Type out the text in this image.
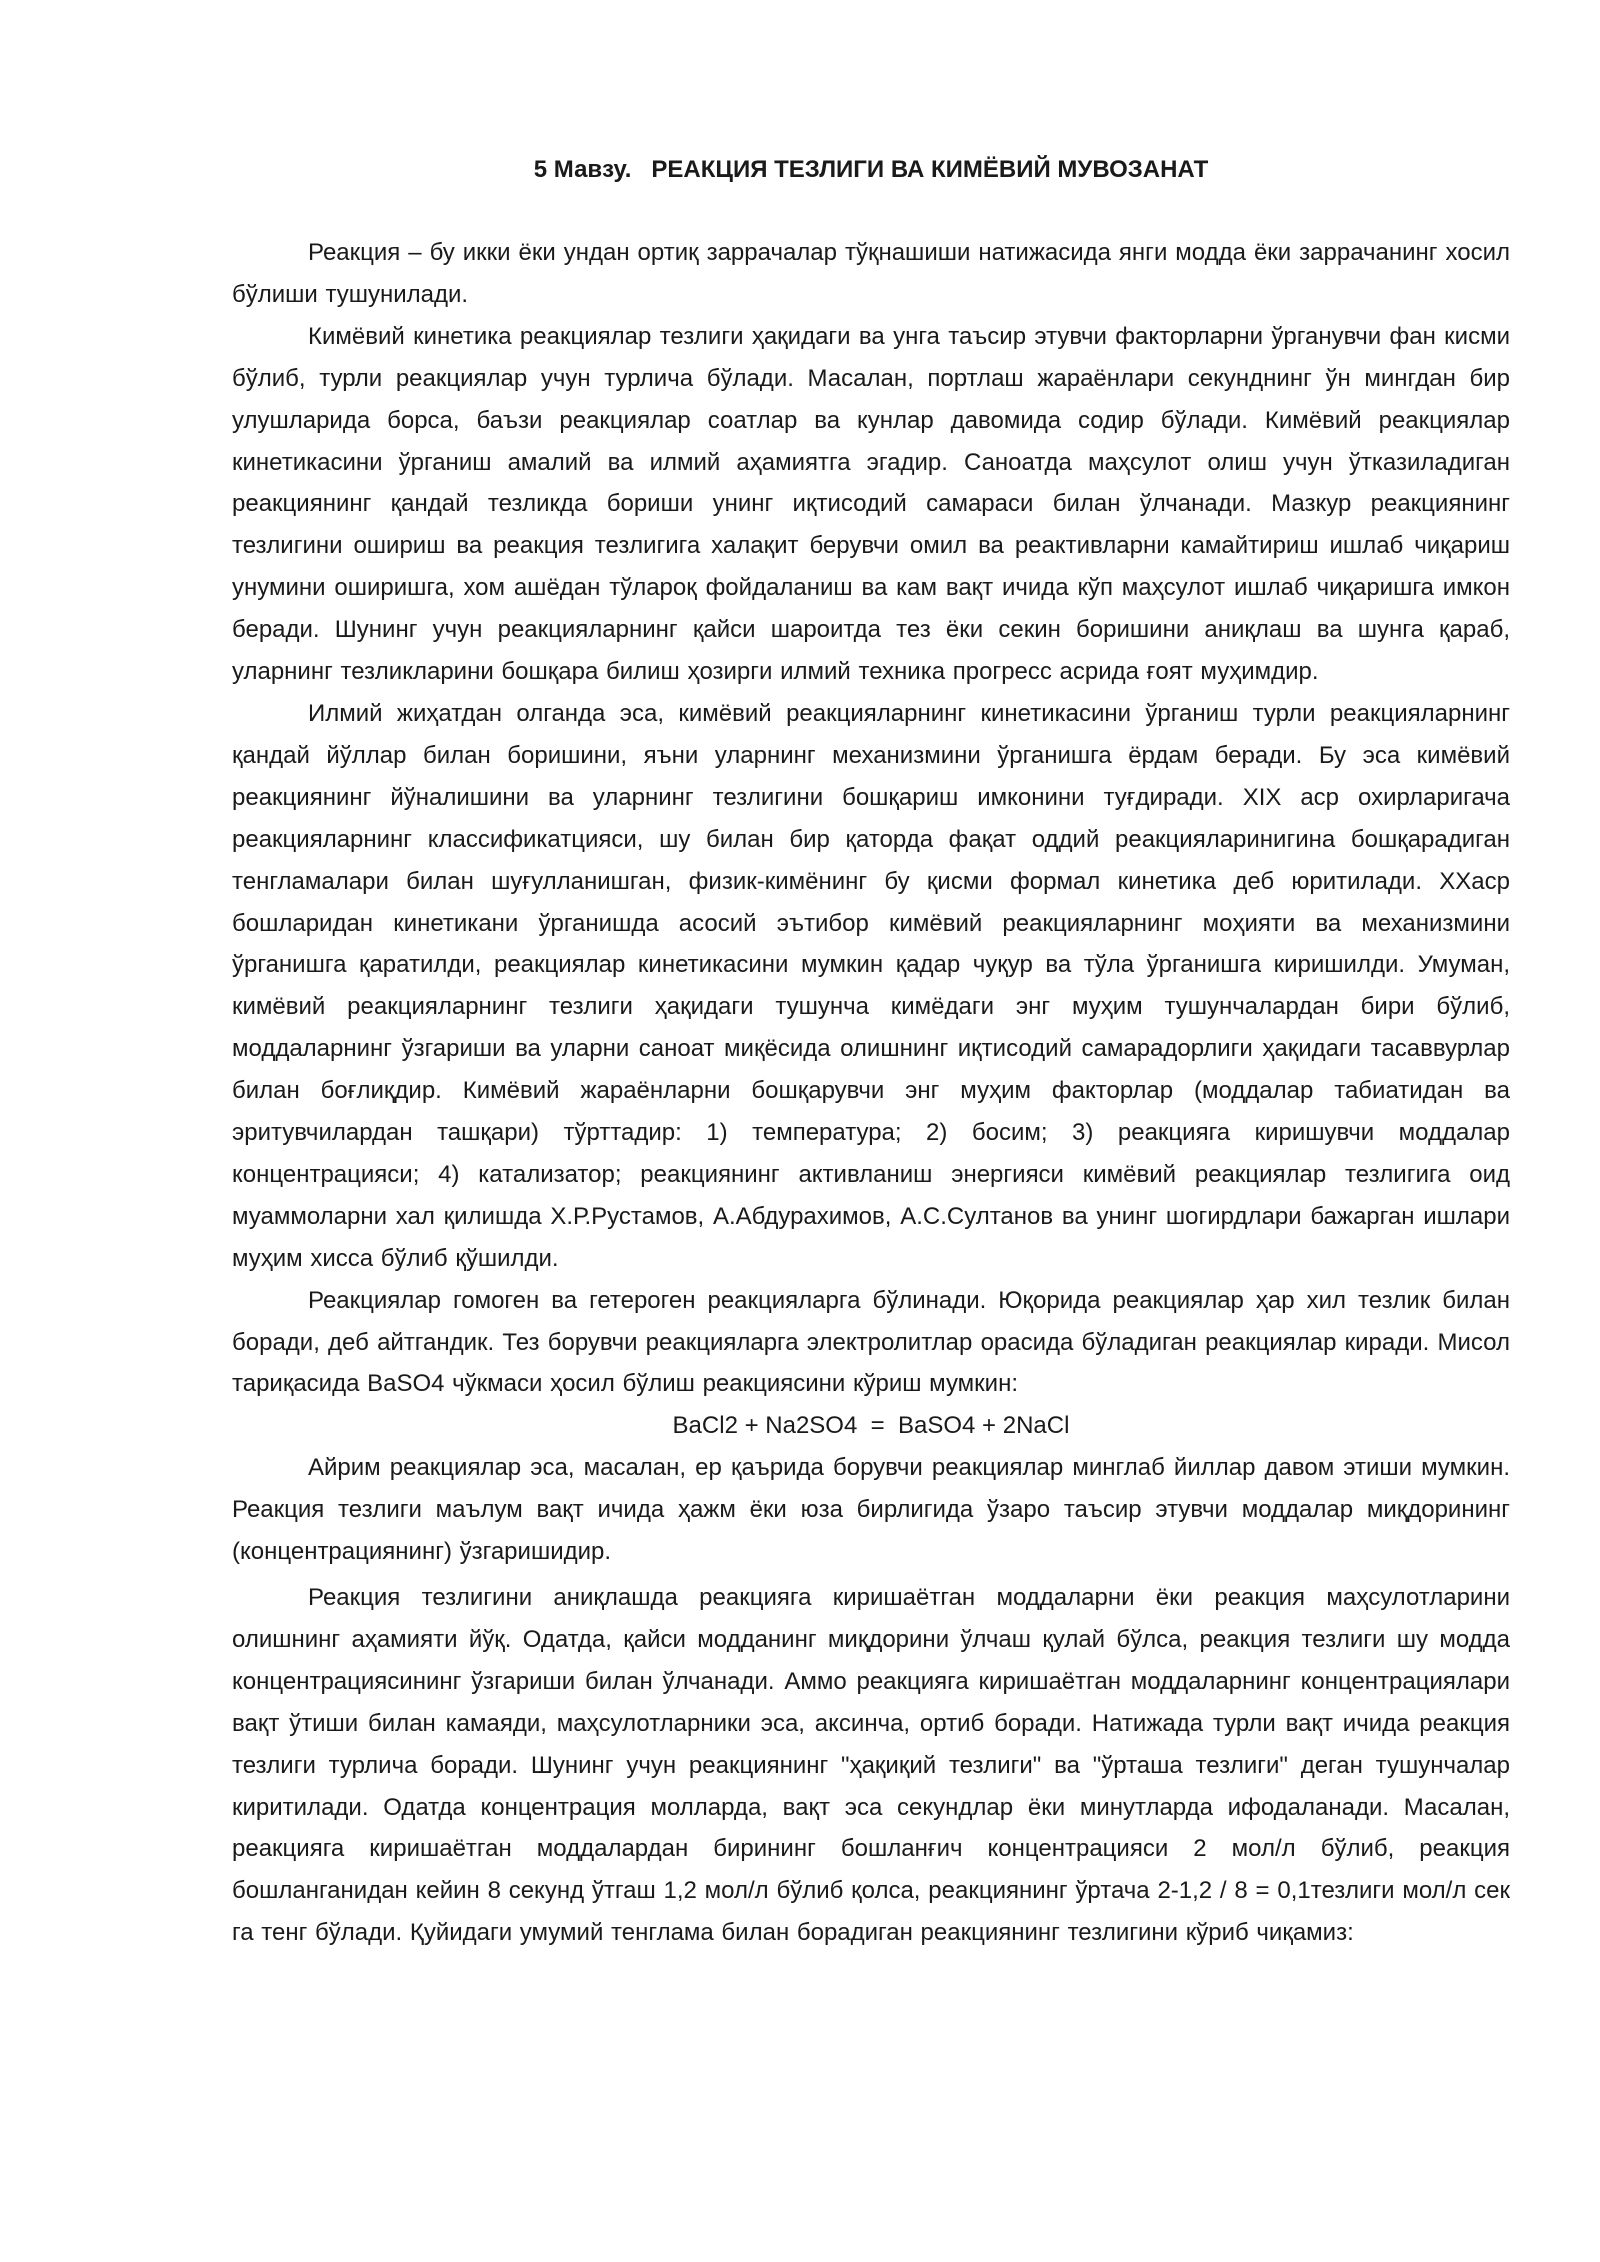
5 Мавзу.   РЕАКЦИЯ ТЕЗЛИГИ ВА КИМЁВИЙ МУВОЗАНАТ

Реакция – бу икки ёки ундан ортиқ заррачалар тўқнашиши натижасида янги модда ёки заррачанинг хосил бўлиши тушунилади.

Кимёвий кинетика реакциялар тезлиги ҳақидаги ва унга таъсир этувчи факторларни ўрганувчи фан кисми бўлиб, турли реакциялар учун турлича бўлади. Масалан, портлаш жараёнлари секунднинг ўн мингдан бир улушларида борса, баъзи реакциялар соатлар ва кунлар давомида содир бўлади. Кимёвий реакциялар кинетикасини ўрганиш амалий ва илмий аҳамиятга эгадир. Саноатда маҳсулот олиш учун ўтказиладиган реакциянинг қандай тезликда бориши унинг иқтисодий самараси билан ўлчанади. Мазкур реакциянинг тезлигини ошириш ва реакция тезлигига халақит берувчи омил ва реактивларни камайтириш ишлаб чиқариш унумини оширишга, хом ашёдан тўлароқ фойдаланиш ва кам вақт ичида кўп маҳсулот ишлаб чиқаришга имкон беради. Шунинг учун реакцияларнинг қайси шароитда тез ёки секин боришини аниқлаш ва шунга қараб, уларнинг тезликларини бошқара билиш ҳозирги илмий техника прогресс асрида ғоят муҳимдир.

Илмий жиҳатдан олганда эса, кимёвий реакцияларнинг кинетикасини ўрганиш турли реакцияларнинг қандай йўллар билан боришини, яъни уларнинг механизмини ўрганишга ёрдам беради. Бу эса кимёвий реакциянинг йўналишини ва уларнинг тезлигини бошқариш имконини туғдиради. XIX аср охирларигача реакцияларнинг классификатцияси, шу билан бир қаторда фақат оддий реакцияларинигина бошқарадиган тенгламалари билан шуғулланишган, физик-кимёнинг бу қисми формал кинетика деб юритилади. XXаср бошларидан кинетикани ўрганишда асосий эътибор кимёвий реакцияларнинг моҳияти ва механизмини ўрганишга қаратилди, реакциялар кинетикасини мумкин қадар чуқур ва тўла ўрганишга киришилди. Умуман, кимёвий реакцияларнинг тезлиги ҳақидаги тушунча кимёдаги энг муҳим тушунчалардан бири бўлиб, моддаларнинг ўзгариши ва уларни саноат миқёсида олишнинг иқтисодий самарадорлиги ҳақидаги тасаввурлар билан боғлиқдир. Кимёвий жараёнларни бошқарувчи энг муҳим факторлар (моддалар табиатидан ва эритувчилардан ташқари) тўрттадир: 1) температура; 2) босим; 3) реакцияга киришувчи моддалар концентрацияси; 4) катализатор; реакциянинг активланиш энергияси кимёвий реакциялар тезлигига оид муаммоларни хал қилишда Х.Р.Рустамов, А.Абдурахимов, А.С.Султанов ва унинг шогирдлари бажарган ишлари муҳим хисса бўлиб қўшилди.

Реакциялар гомоген ва гетероген реакцияларга бўлинади. Юқорида реакциялар ҳар хил тезлик билан боради, деб айтгандик. Тез борувчи реакцияларга электролитлар орасида бўладиган реакциялар киради. Мисол тариқасида BaSO4 чўкмаси ҳосил бўлиш реакциясини кўриш мумкин:

BaCl2 + Na2SO4  =  BaSO4 + 2NaCl

Айрим реакциялар эса, масалан, ер қаърида борувчи реакциялар минглаб йиллар давом этиши мумкин. Реакция тезлиги маълум вақт ичида ҳажм ёки юза бирлигида ўзаро таъсир этувчи моддалар миқдорининг (концентрациянинг) ўзгаришидир.

Реакция тезлигини аниқлашда реакцияга киришаётган моддаларни ёки реакция маҳсулотларини олишнинг аҳамияти йўқ. Одатда, қайси модданинг миқдорини ўлчаш қулай бўлса, реакция тезлиги шу модда концентрациясининг ўзгариши билан ўлчанади. Аммо реакцияга киришаётган моддаларнинг концентрациялари вақт ўтиши билан камаяди, маҳсулотларники эса, аксинча, ортиб боради. Натижада турли вақт ичида реакция тезлиги турлича боради. Шунинг учун реакциянинг "ҳақиқий тезлиги" ва "ўрташа тезлиги" деган тушунчалар киритилади. Одатда концентрация молларда, вақт эса секундлар ёки минутларда ифодаланади. Масалан, реакцияга киришаётган моддалардан бирининг бошланғич концентрацияси 2 мол/л бўлиб, реакция бошланганидан кейин 8 секунд ўтгаш 1,2 мол/л бўлиб қолса, реакциянинг ўртача 2-1,2 / 8 = 0,1тезлиги мол/л сек га тенг бўлади. Қуйидаги умумий тенглама билан борадиган реакциянинг тезлигини кўриб чиқамиз:
